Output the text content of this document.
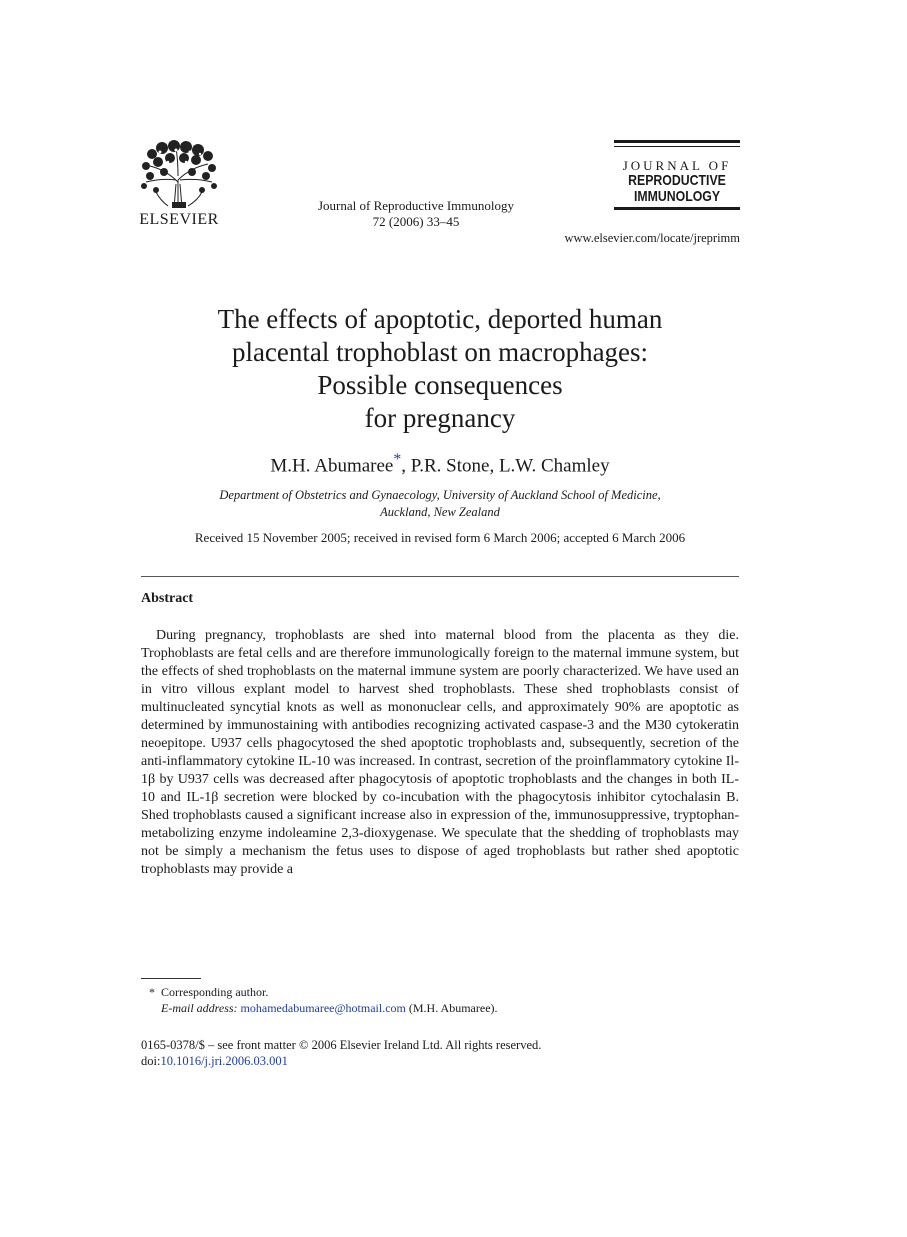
ELSEVIER
Journal of Reproductive Immunology
72 (2006) 33–45
JOURNAL OF
REPRODUCTIVE
IMMUNOLOGY
www.elsevier.com/locate/jreprimm
The effects of apoptotic, deported human
placental trophoblast on macrophages:
Possible consequences
for pregnancy
M.H. Abumaree*, P.R. Stone, L.W. Chamley
Department of Obstetrics and Gynaecology, University of Auckland School of Medicine,
Auckland, New Zealand
Received 15 November 2005; received in revised form 6 March 2006; accepted 6 March 2006
Abstract

During pregnancy, trophoblasts are shed into maternal blood from the placenta as they die. Trophoblasts are fetal cells and are therefore immunologically foreign to the maternal immune system, but the effects of shed trophoblasts on the maternal immune system are poorly characterized. We have used an in vitro villous explant model to harvest shed trophoblasts. These shed trophoblasts consist of multinucleated syncytial knots as well as mononuclear cells, and approximately 90% are apoptotic as determined by immunostaining with antibodies recognizing activated caspase-3 and the M30 cytokeratin neoepitope. U937 cells phagocytosed the shed apoptotic trophoblasts and, subsequently, secretion of the anti-inflammatory cytokine IL-10 was increased. In contrast, secretion of the proinflammatory cytokine Il-1β by U937 cells was decreased after phagocytosis of apoptotic trophoblasts and the changes in both IL-10 and IL-1β secretion were blocked by co-incubation with the phagocytosis inhibitor cytochalasin B. Shed trophoblasts caused a significant increase also in expression of the, immunosuppressive, tryptophan-metabolizing enzyme indoleamine 2,3-dioxygenase. We speculate that the shedding of trophoblasts may not be simply a mechanism the fetus uses to dispose of aged trophoblasts but rather shed apoptotic trophoblasts may provide a

* Corresponding author.
E-mail address: mohamedabumaree@hotmail.com (M.H. Abumaree).
0165-0378/$ – see front matter © 2006 Elsevier Ireland Ltd. All rights reserved.
doi:10.1016/j.jri.2006.03.001
